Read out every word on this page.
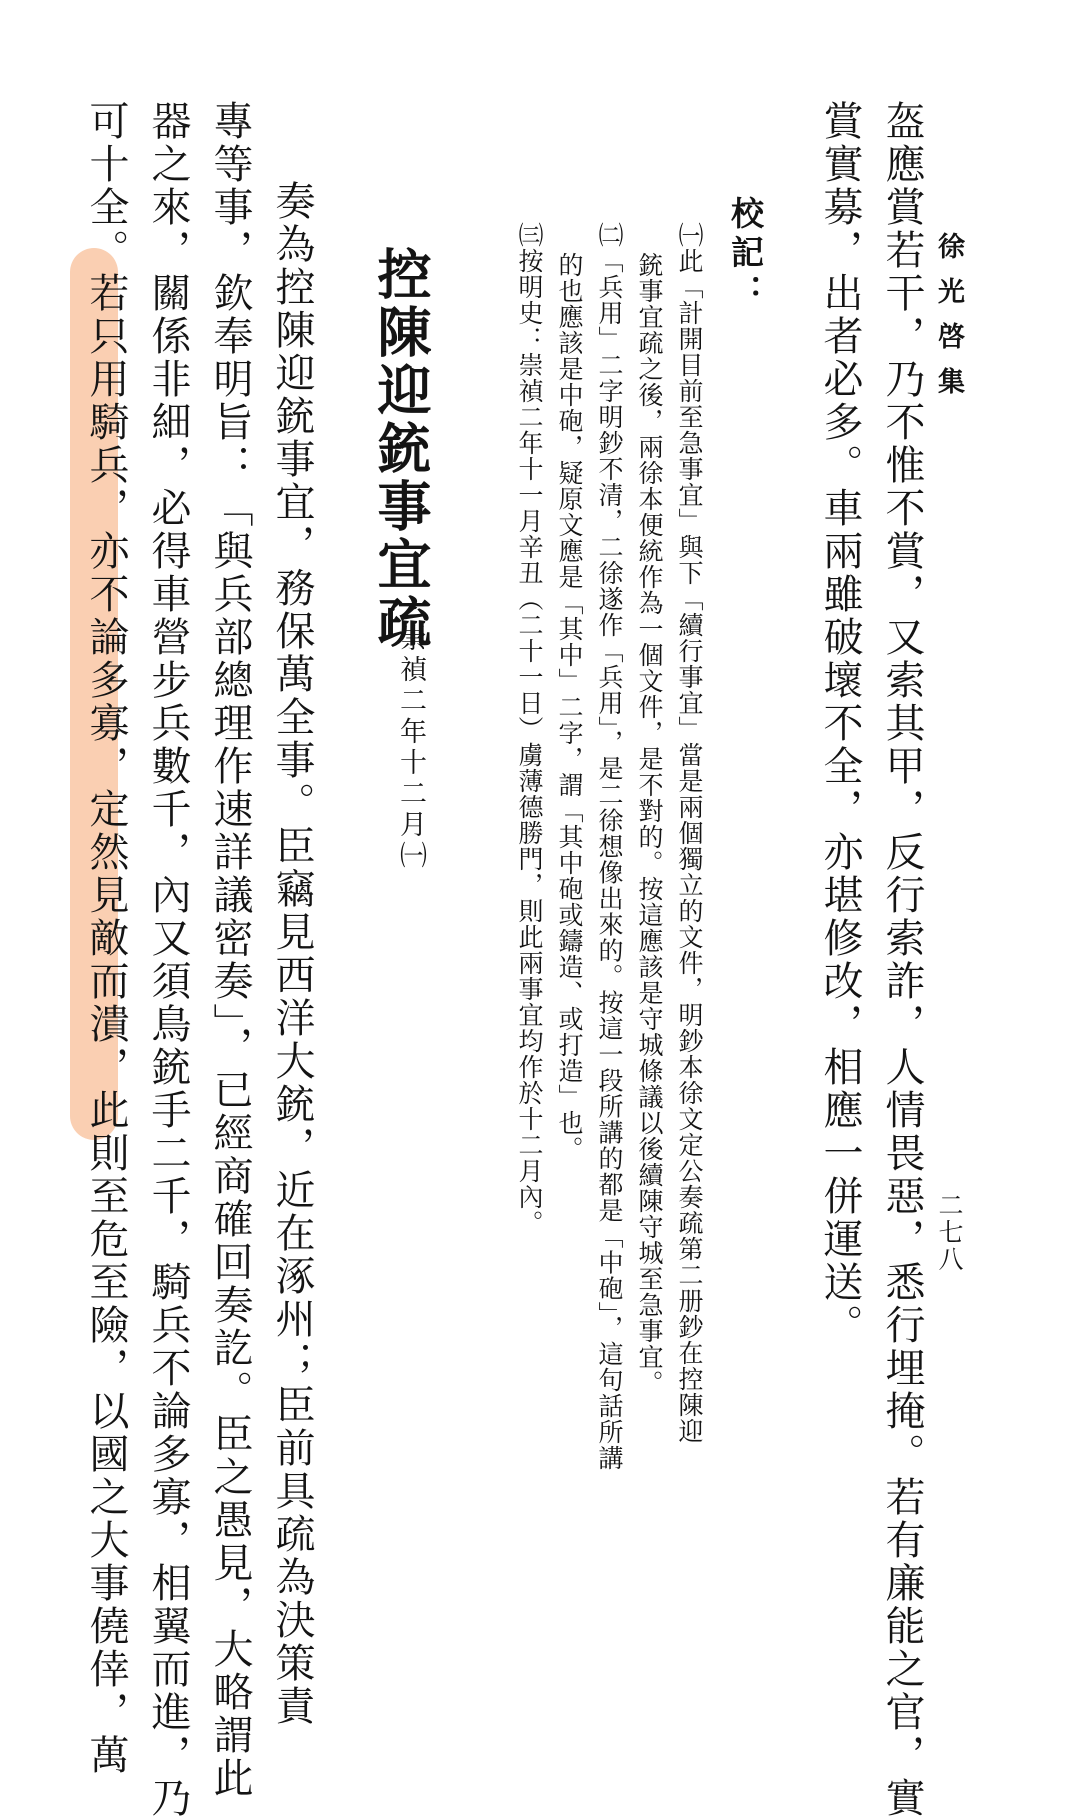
徐光啓集

二七八

盔應賞若干，乃不惟不賞，又索其甲，反行索詐，人情畏惡，悉行埋掩。若有廉能之官，實

賞實募，出者必多。車兩雖破壞不全，亦堪修改，相應一併運送。

校記：

㈠此「計開目前至急事宜」與下「續行事宜」當是兩個獨立的文件，明鈔本徐文定公奏疏第二册鈔在控陳迎

銃事宜疏之後，兩徐本便統作為一個文件，是不對的。按這應該是守城條議以後續陳守城至急事宜。

㈡「兵用」二字明鈔不清，二徐遂作「兵用」，是二徐想像出來的。按這一段所講的都是「中砲」，這句話所講

的也應該是中砲，疑原文應是「其中」二字，謂「其中砲或鑄造、或打造」也。

㈢按明史：崇禎二年十一月辛丑（二十一日）虜薄德勝門，則此兩事宜均作於十二月內。

控陳迎銃事宜疏

崇禎二年十二月㈠

奏為控陳迎銃事宜，務保萬全事。臣竊見西洋大銃，近在涿州；臣前具疏為決策責

專等事，欽奉明旨：「與兵部總理作速詳議密奏」，已經商確回奏訖。臣之愚見，大略謂此

器之來，關係非細，必得車營步兵數千，內又須鳥銃手二千，騎兵不論多寡，相翼而進，乃

可十全。若只用騎兵，亦不論多寡，定然見敵而潰，此則至危至險，以國之大事僥倖，萬
